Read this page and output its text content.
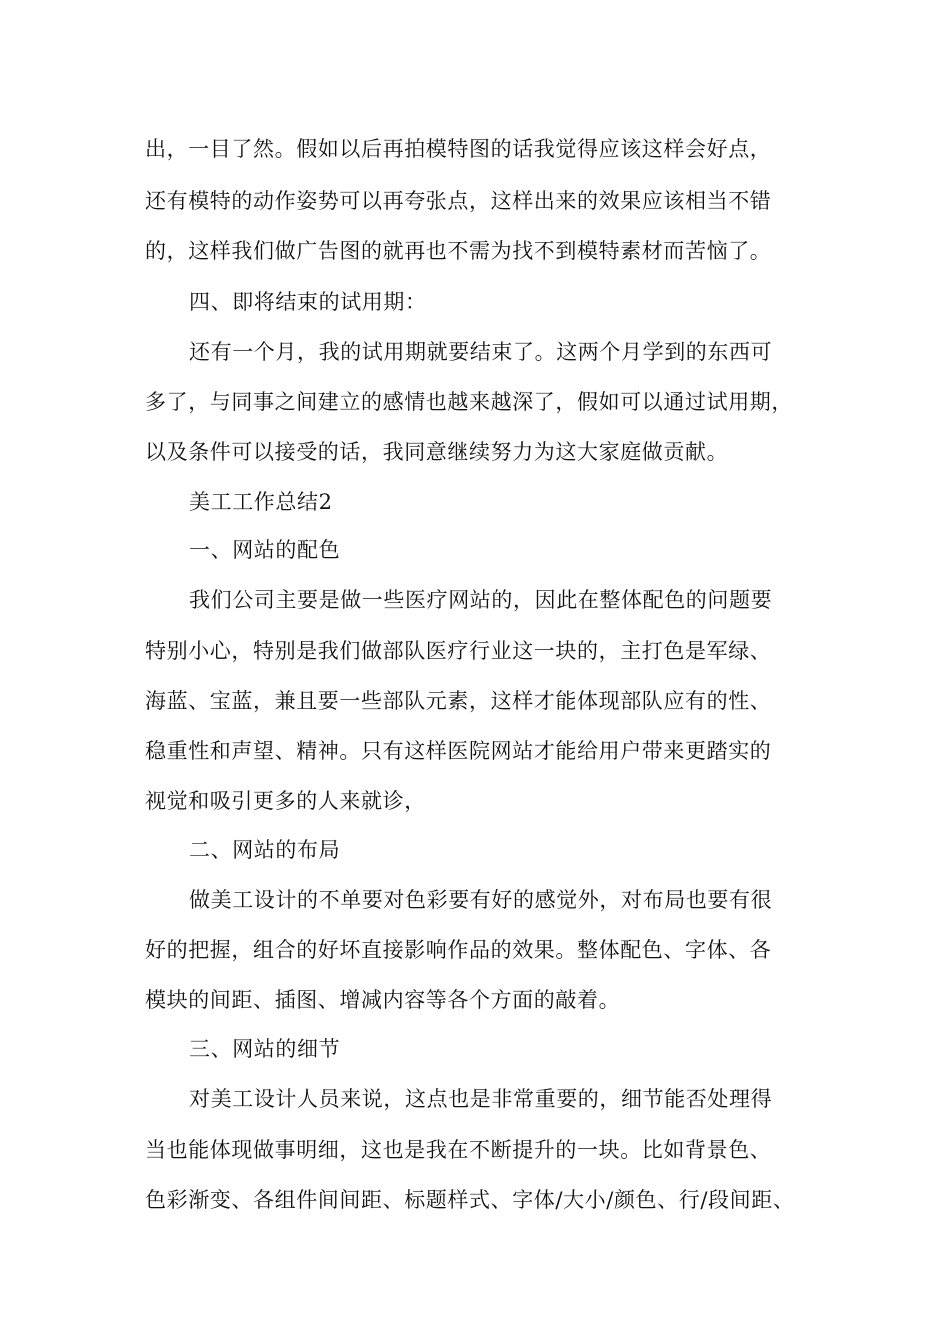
出，一目了然。假如以后再拍模特图的话我觉得应该这样会好点，

还有模特的动作姿势可以再夸张点，这样出来的效果应该相当不错

的，这样我们做广告图的就再也不需为找不到模特素材而苦恼了。

四、即将结束的试用期：

还有一个月，我的试用期就要结束了。这两个月学到的东西可

多了，与同事之间建立的感情也越来越深了，假如可以通过试用期，

以及条件可以接受的话，我同意继续努力为这大家庭做贡献。

美工工作总结2

一、网站的配色

我们公司主要是做一些医疗网站的，因此在整体配色的问题要

特别小心，特别是我们做部队医疗行业这一块的，主打色是军绿、

海蓝、宝蓝，兼且要一些部队元素，这样才能体现部队应有的性、

稳重性和声望、精神。只有这样医院网站才能给用户带来更踏实的

视觉和吸引更多的人来就诊，

二、网站的布局

做美工设计的不单要对色彩要有好的感觉外，对布局也要有很

好的把握，组合的好坏直接影响作品的效果。整体配色、字体、各

模块的间距、插图、增减内容等各个方面的敲着。

三、网站的细节

对美工设计人员来说，这点也是非常重要的，细节能否处理得

当也能体现做事明细，这也是我在不断提升的一块。比如背景色、

色彩渐变、各组件间间距、标题样式、字体/大小/颜色、行/段间距、
